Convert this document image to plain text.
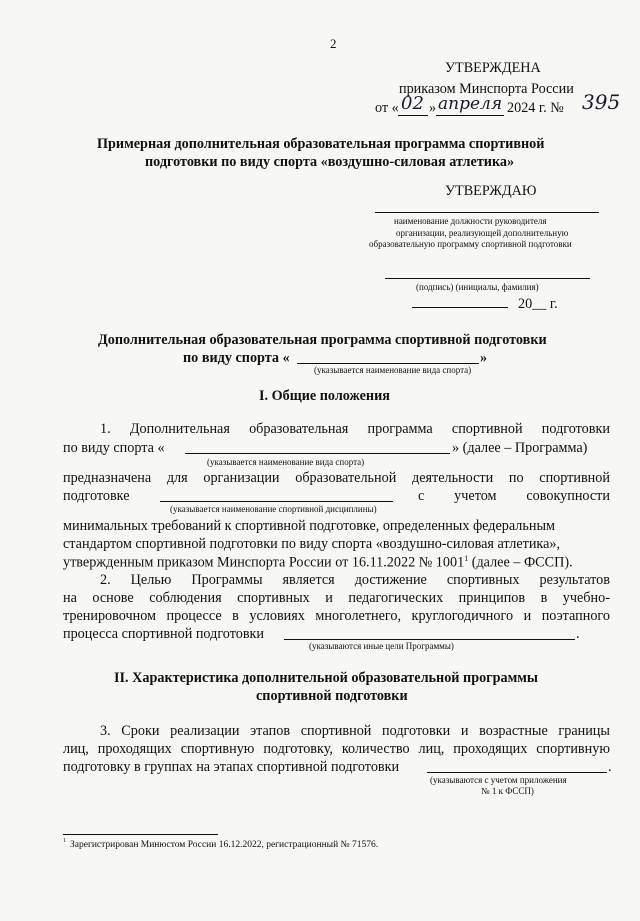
2
УТВЕРЖДЕНА
приказом Минспорта России
от « 02 » апреля 2024 г. № 395
Примерная дополнительная образовательная программа спортивной
подготовки по виду спорта «воздушно-силовая атлетика»
УТВЕРЖДАЮ
наименование должности руководителя
организации, реализующей дополнительную
образовательную программу спортивной подготовки
(подпись) (инициалы, фамилия)
20__ г.
Дополнительная образовательная программа спортивной подготовки
по виду спорта «	»
(указывается наименование вида спорта)
I. Общие положения
1. Дополнительная образовательная программа спортивной подготовки
по виду спорта «	» (далее – Программа)
(указывается наименование вида спорта)
предназначена для организации образовательной деятельности по спортивной
подготовке	с учетом совокупности
(указывается наименование спортивной дисциплины)
минимальных требований к спортивной подготовке, определенных федеральным
стандартом спортивной подготовки по виду спорта «воздушно-силовая атлетика»,
утвержденным приказом Минспорта России от 16.11.2022 № 1001$^1$ (далее – ФССП).
2. Целью Программы является достижение спортивных результатов
на основе соблюдения спортивных и педагогических принципов в учебно-
тренировочном процессе в условиях многолетнего, круглогодичного и поэтапного
процесса спортивной подготовки	.
(указываются иные цели Программы)
II. Характеристика дополнительной образовательной программы
спортивной подготовки
3. Сроки реализации этапов спортивной подготовки и возрастные границы
лиц, проходящих спортивную подготовку, количество лиц, проходящих спортивную
подготовку в группах на этапах спортивной подготовки	.
(указываются с учетом приложения
№ 1 к ФССП)
1 Зарегистрирован Минюстом России 16.12.2022, регистрационный № 71576.
